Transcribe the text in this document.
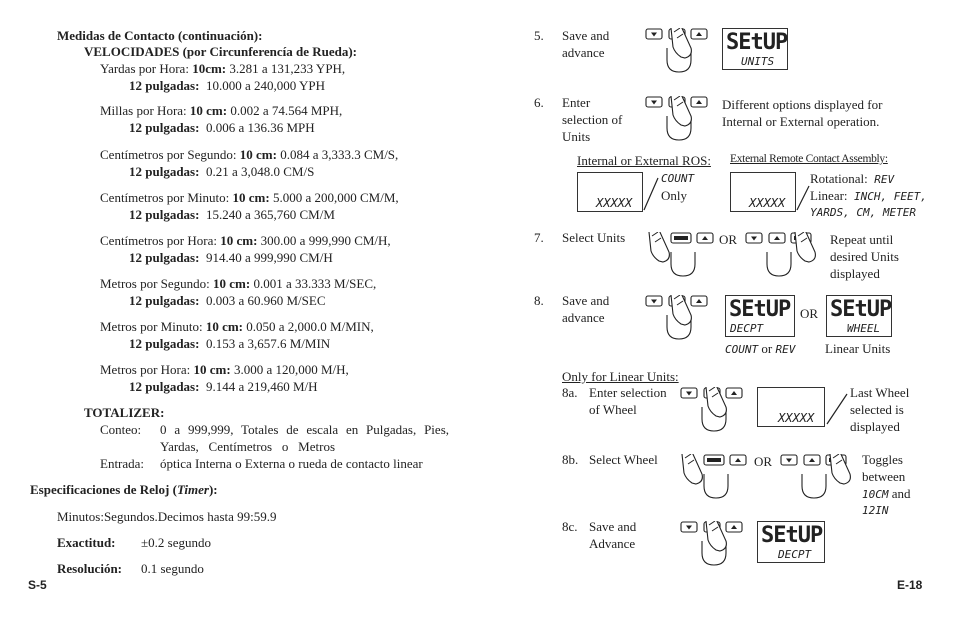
Medidas de Contacto (continuación):
VELOCIDADES (por Circunferencía de Rueda):
Yardas por Hora: 10cm: 3.281 a 131,233 YPH,
12 pulgadas:  10.000 a 240,000 YPH
Millas por Hora: 10 cm: 0.002 a 74.564 MPH,
12 pulgadas:  0.006 a 136.36 MPH
Centímetros por Segundo: 10 cm: 0.084 a 3,333.3 CM/S,
12 pulgadas:  0.21 a 3,048.0 CM/S
Centímetros por Minuto: 10 cm: 5.000 a 200,000 CM/M,
12 pulgadas:  15.240 a 365,760 CM/M
Centímetros por Hora: 10 cm: 300.00 a 999,990 CM/H,
12 pulgadas:  914.40 a 999,990 CM/H
Metros por Segundo: 10 cm: 0.001 a 33.333 M/SEC,
12 pulgadas:  0.003 a 60.960 M/SEC
Metros por Minuto: 10 cm: 0.050 a 2,000.0 M/MIN,
12 pulgadas:  0.153 a 3,657.6 M/MIN
Metros por Hora: 10 cm: 3.000 a 120,000 M/H,
12 pulgadas:  9.144 a 219,460 M/H
TOTALIZER:
Conteo: 0 a 999,999, Totales de escala en Pulgadas, Pies,
Yardas, Centímetros o Metros
Entrada: óptica Interna o Externa o rueda de contacto linear
Especificaciones de Reloj (Timer):
Minutos:Segundos.Decimos hasta 99:59.9
Exactitud: ±0.2 segundo
Resolución: 0.1 segundo
S-5
5. Save and
advance	SEtUP
UNITS
6. Enter
selection of
Units
Different options displayed for
Internal or External operation.
Internal or External ROS: External Remote Contact Assembly:
XXXXX
COUNT
Only	XXXXX
Rotational: REV
Linear: INCH, FEET,
YARDS, CM, METER
7. Select Units	OR	Repeat until
desired Units
displayed
8. Save and
advance	SEtUP
DECPT
OR SEtUP
WHEEL
COUNT or REV Linear Units
Only for Linear Units:
8a. Enter selection
of Wheel
XXXXX
Last Wheel
selected is
displayed
8b. Select Wheel	OR	Toggles
between
10CM and
12IN
8c. Save and
Advance	SEtUP
DECPT
E-18
